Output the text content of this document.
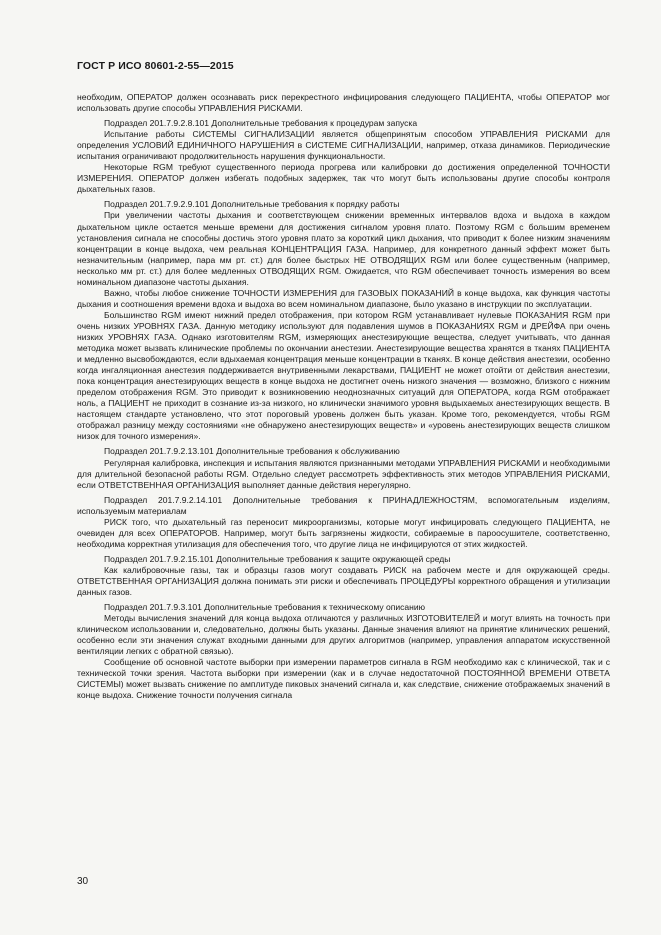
ГОСТ Р ИСО 80601-2-55—2015

необходим, ОПЕРАТОР должен осознавать риск перекрестного инфицирования следующего ПАЦИЕНТА, чтобы ОПЕРАТОР мог использовать другие способы УПРАВЛЕНИЯ РИСКАМИ.

Подраздел 201.7.9.2.8.101 Дополнительные требования к процедурам запуска

Испытание работы СИСТЕМЫ СИГНАЛИЗАЦИИ является общепринятым способом УПРАВЛЕНИЯ РИСКАМИ для определения УСЛОВИЙ ЕДИНИЧНОГО НАРУШЕНИЯ в СИСТЕМЕ СИГНАЛИЗАЦИИ, например, отказа динамиков. Периодические испытания ограничивают продолжительность нарушения функциональности.

Некоторые RGM требуют существенного периода прогрева или калибровки до достижения определенной ТОЧНОСТИ ИЗМЕРЕНИЯ. ОПЕРАТОР должен избегать подобных задержек, так что могут быть использованы другие способы контроля дыхательных газов.

Подраздел 201.7.9.2.9.101 Дополнительные требования к порядку работы

При увеличении частоты дыхания и соответствующем снижении временных интервалов вдоха и выдоха в каждом дыхательном цикле остается меньше времени для достижения сигналом уровня плато. Поэтому RGM с большим временем установления сигнала не способны достичь этого уровня плато за короткий цикл дыхания, что приводит к более низким значениям концентрации в конце выдоха, чем реальная КОНЦЕНТРАЦИЯ ГАЗА. Например, для конкретного данный эффект может быть незначительным (например, пара мм рт. ст.) для более быстрых НЕ ОТВОДЯЩИХ RGM или более существенным (например, несколько мм рт. ст.) для более медленных ОТВОДЯЩИХ RGM. Ожидается, что RGM обеспечивает точность измерения во всем номинальном диапазоне частоты дыхания.

Важно, чтобы любое снижение ТОЧНОСТИ ИЗМЕРЕНИЯ для ГАЗОВЫХ ПОКАЗАНИЙ в конце выдоха, как функция частоты дыхания и соотношения времени вдоха и выдоха во всем номинальном диапазоне, было указано в инструкции по эксплуатации.

Большинство RGM имеют нижний предел отображения, при котором RGM устанавливает нулевые ПОКАЗАНИЯ RGM при очень низких УРОВНЯХ ГАЗА. Данную методику используют для подавления шумов в ПОКАЗАНИЯХ RGM и ДРЕЙФА при очень низких УРОВНЯХ ГАЗА. Однако изготовителям RGM, измеряющих анестезирующие вещества, следует учитывать, что данная методика может вызвать клинические проблемы по окончании анестезии. Анестезирующие вещества хранятся в тканях ПАЦИЕНТА и медленно высвобождаются, если вдыхаемая концентрация меньше концентрации в тканях. В конце действия анестезии, особенно когда ингаляционная анестезия поддерживается внутривенными лекарствами, ПАЦИЕНТ не может отойти от действия анестезии, пока концентрация анестезирующих веществ в конце выдоха не достигнет очень низкого значения — возможно, близкого с нижним пределом отображения RGM. Это приводит к возникновению неоднозначных ситуаций для ОПЕРАТОРА, когда RGM отображает ноль, а ПАЦИЕНТ не приходит в сознание из-за низкого, но клинически значимого уровня выдыхаемых анестезирующих веществ. В настоящем стандарте установлено, что этот пороговый уровень должен быть указан. Кроме того, рекомендуется, чтобы RGM отображал разницу между состояниями «не обнаружено анестезирующих веществ» и «уровень анестезирующих веществ слишком низок для точного измерения».

Подраздел 201.7.9.2.13.101 Дополнительные требования к обслуживанию

Регулярная калибровка, инспекция и испытания являются признанными методами УПРАВЛЕНИЯ РИСКАМИ и необходимыми для длительной безопасной работы RGM. Отдельно следует рассмотреть эффективность этих методов УПРАВЛЕНИЯ РИСКАМИ, если ОТВЕТСТВЕННАЯ ОРГАНИЗАЦИЯ выполняет данные действия нерегулярно.

Подраздел 201.7.9.2.14.101 Дополнительные требования к ПРИНАДЛЕЖНОСТЯМ, вспомогательным изделиям, используемым материалам

РИСК того, что дыхательный газ переносит микроорганизмы, которые могут инфицировать следующего ПАЦИЕНТА, не очевиден для всех ОПЕРАТОРОВ. Например, могут быть загрязнены жидкости, собираемые в пароосушителе, соответственно, необходима корректная утилизация для обеспечения того, что другие лица не инфицируются от этих жидкостей.

Подраздел 201.7.9.2.15.101 Дополнительные требования к защите окружающей среды

Как калибровочные газы, так и образцы газов могут создавать РИСК на рабочем месте и для окружающей среды. ОТВЕТСТВЕННАЯ ОРГАНИЗАЦИЯ должна понимать эти риски и обеспечивать ПРОЦЕДУРЫ корректного обращения и утилизации данных газов.

Подраздел 201.7.9.3.101 Дополнительные требования к техническому описанию

Методы вычисления значений для конца выдоха отличаются у различных ИЗГОТОВИТЕЛЕЙ и могут влиять на точность при клиническом использовании и, следовательно, должны быть указаны. Данные значения влияют на принятие клинических решений, особенно если эти значения служат входными данными для других алгоритмов (например, управления аппаратом искусственной вентиляции легких с обратной связью).

Сообщение об основной частоте выборки при измерении параметров сигнала в RGM необходимо как с клинической, так и с технической точки зрения. Частота выборки при измерении (как и в случае недостаточной ПОСТОЯННОЙ ВРЕМЕНИ ОТВЕТА СИСТЕМЫ) может вызвать снижение по амплитуде пиковых значений сигнала и, как следствие, снижение отображаемых значений в конце выдоха. Снижение точности получения сигнала

30
